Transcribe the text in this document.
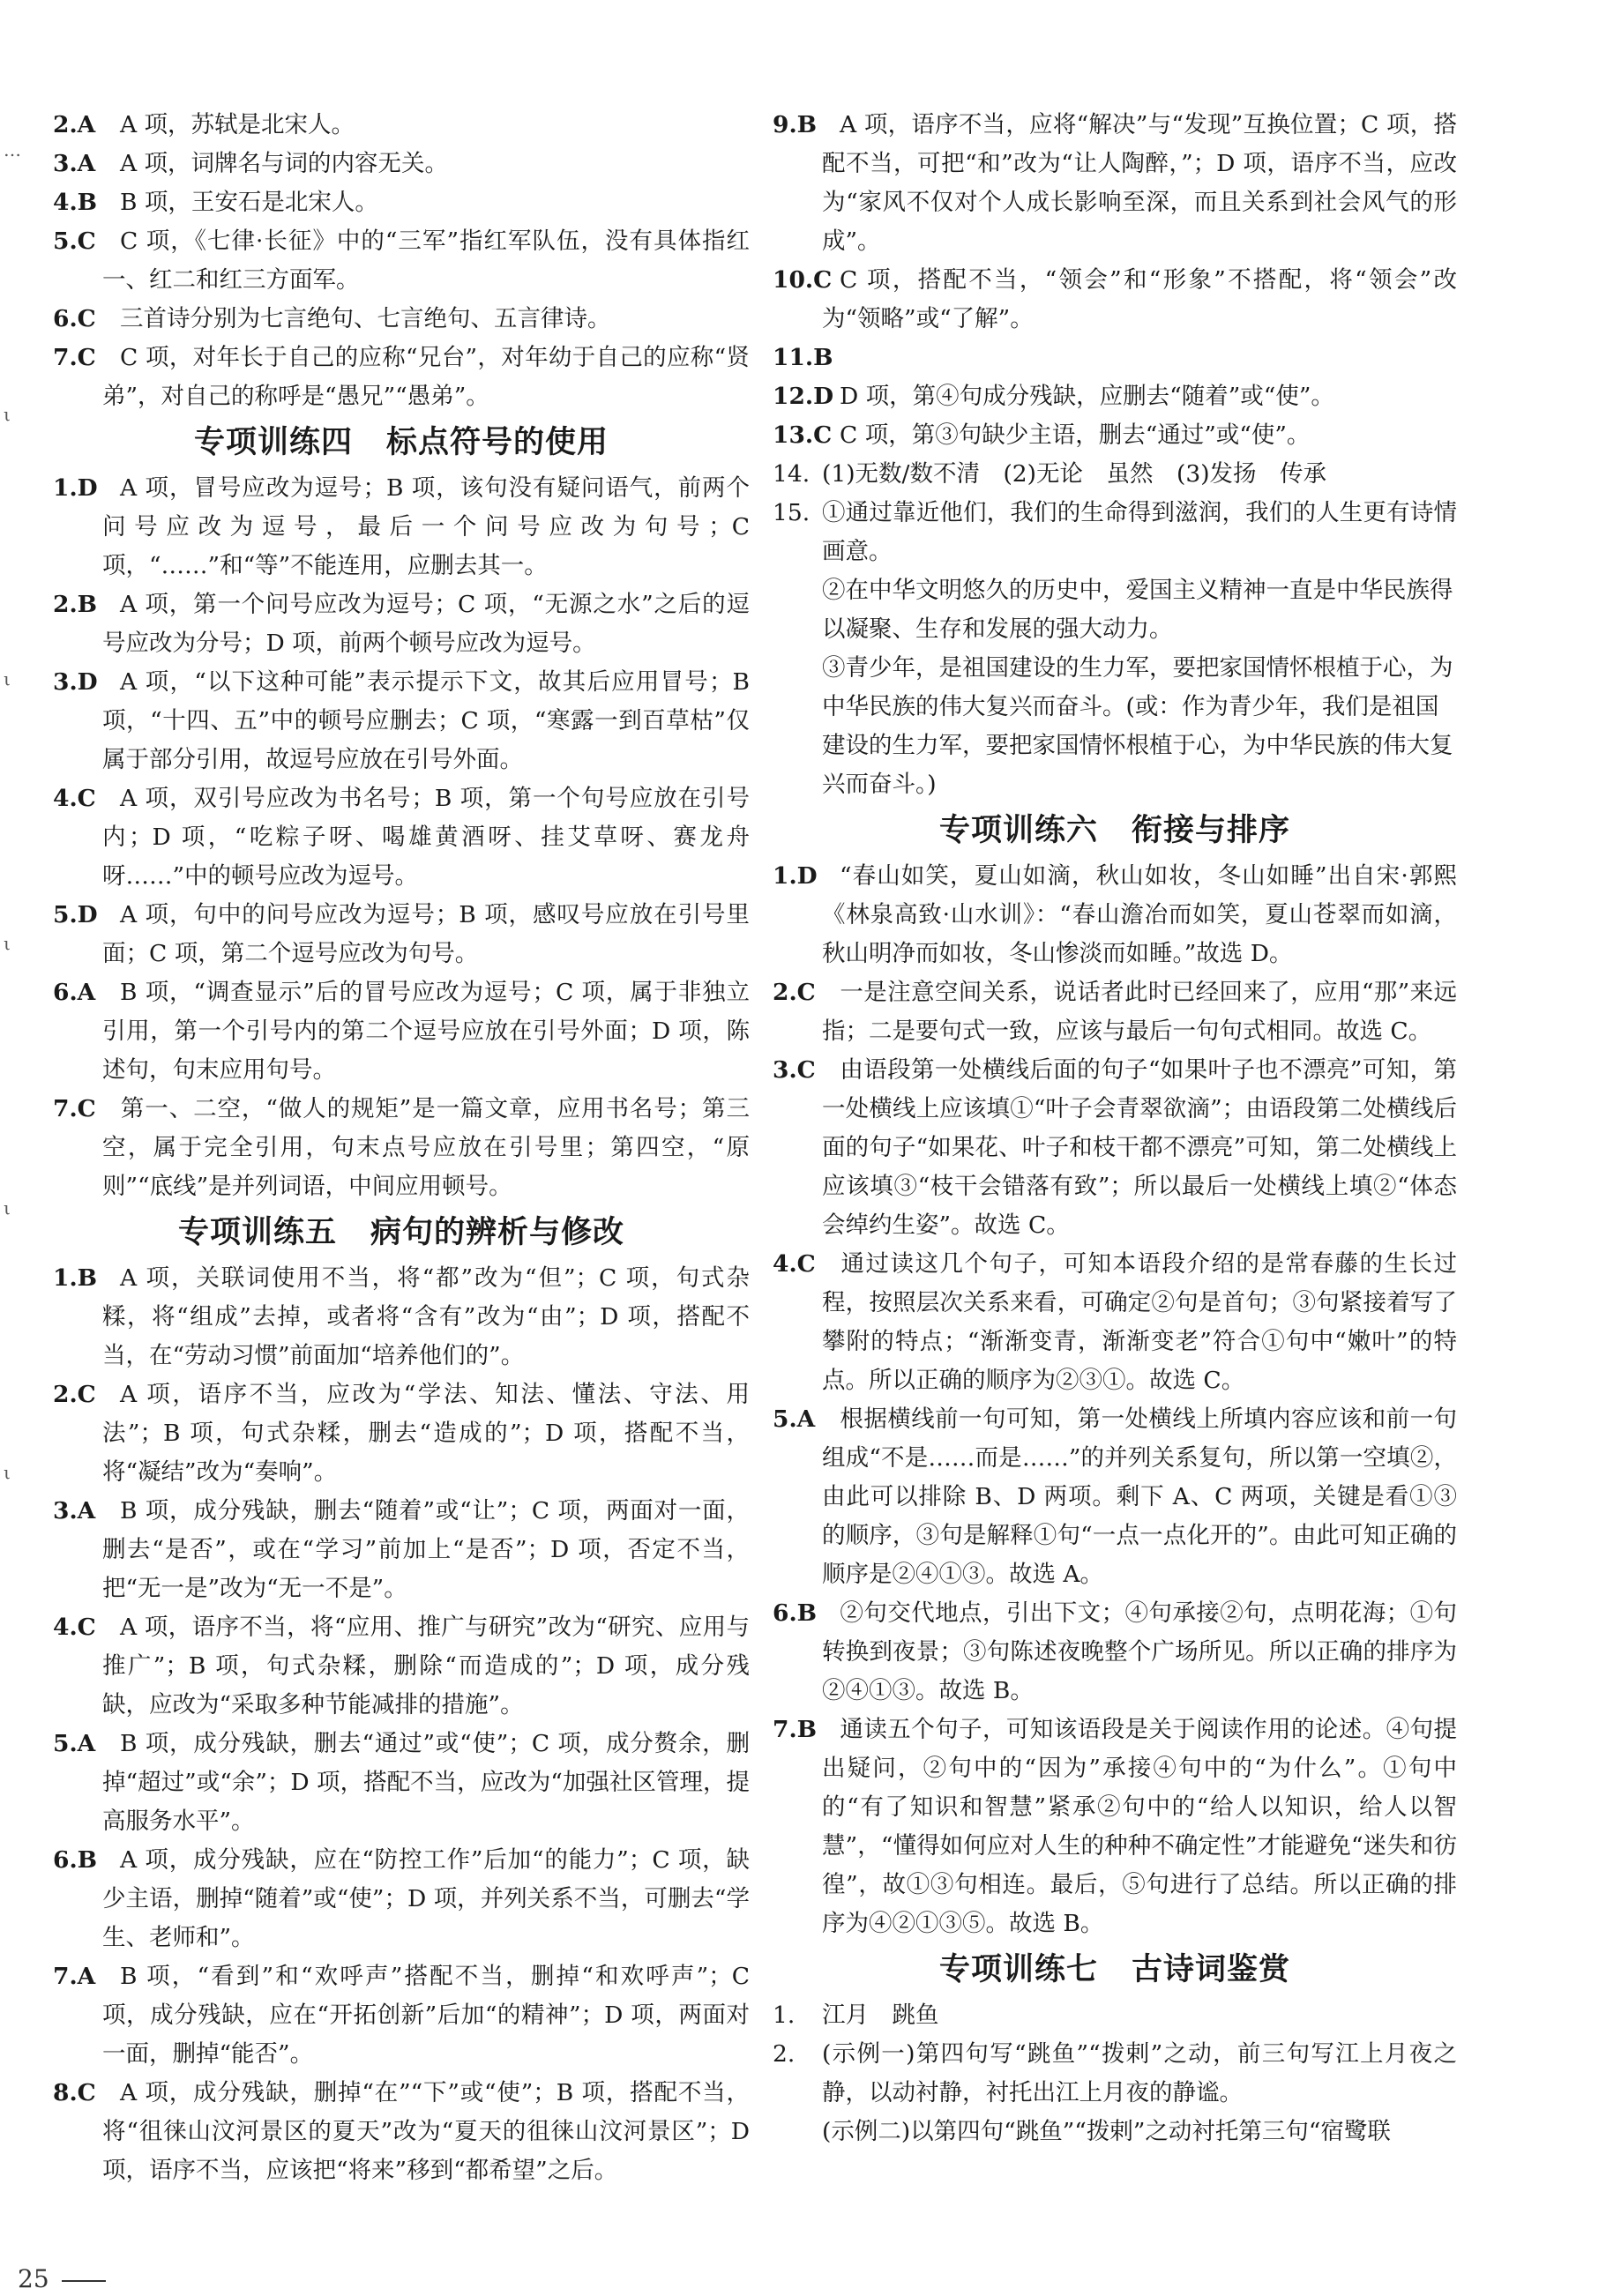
…
ι
ι
ι
ι
ι
2.A A 项，苏轼是北宋人。
3.A A 项，词牌名与词的内容无关。
4.B B 项，王安石是北宋人。
5.C C 项，《七律·长征》中的“三军”指红军队伍，没有具体指红一、红二和红三方面军。
6.C 三首诗分别为七言绝句、七言绝句、五言律诗。
7.C C 项，对年长于自己的应称“兄台”，对年幼于自己的应称“贤弟”，对自己的称呼是“愚兄”“愚弟”。
专项训练四 标点符号的使用
1.D A 项，冒号应改为逗号；B 项，该句没有疑问语气，前两个问号应改为逗号，最后一个问号应改为句号；C 项，“……”和“等”不能连用，应删去其一。
2.B A 项，第一个问号应改为逗号；C 项，“无源之水”之后的逗号应改为分号；D 项，前两个顿号应改为逗号。
3.D A 项，“以下这种可能”表示提示下文，故其后应用冒号；B 项，“十四、五”中的顿号应删去；C 项，“寒露一到百草枯”仅属于部分引用，故逗号应放在引号外面。
4.C A 项，双引号应改为书名号；B 项，第一个句号应放在引号内；D 项，“吃粽子呀、喝雄黄酒呀、挂艾草呀、赛龙舟呀……”中的顿号应改为逗号。
5.D A 项，句中的问号应改为逗号；B 项，感叹号应放在引号里面；C 项，第二个逗号应改为句号。
6.A B 项，“调查显示”后的冒号应改为逗号；C 项，属于非独立引用，第一个引号内的第二个逗号应放在引号外面；D 项，陈述句，句末应用句号。
7.C 第一、二空，“做人的规矩”是一篇文章，应用书名号；第三空，属于完全引用，句末点号应放在引号里；第四空，“原则”“底线”是并列词语，中间应用顿号。
专项训练五 病句的辨析与修改
1.B A 项，关联词使用不当，将“都”改为“但”；C 项，句式杂糅，将“组成”去掉，或者将“含有”改为“由”；D 项，搭配不当，在“劳动习惯”前面加“培养他们的”。
2.C A 项，语序不当，应改为“学法、知法、懂法、守法、用法”；B 项，句式杂糅，删去“造成的”；D 项，搭配不当，将“凝结”改为“奏响”。
3.A B 项，成分残缺，删去“随着”或“让”；C 项，两面对一面，删去“是否”，或在“学习”前加上“是否”；D 项，否定不当，把“无一是”改为“无一不是”。
4.C A 项，语序不当，将“应用、推广与研究”改为“研究、应用与推广”；B 项，句式杂糅，删除“而造成的”；D 项，成分残缺，应改为“采取多种节能减排的措施”。
5.A B 项，成分残缺，删去“通过”或“使”；C 项，成分赘余，删掉“超过”或“余”；D 项，搭配不当，应改为“加强社区管理，提高服务水平”。
6.B A 项，成分残缺，应在“防控工作”后加“的能力”；C 项，缺少主语，删掉“随着”或“使”；D 项，并列关系不当，可删去“学生、老师和”。
7.A B 项，“看到”和“欢呼声”搭配不当，删掉“和欢呼声”；C 项，成分残缺，应在“开拓创新”后加“的精神”；D 项，两面对一面，删掉“能否”。
8.C A 项，成分残缺，删掉“在”“下”或“使”；B 项，搭配不当，将“徂徕山汶河景区的夏天”改为“夏天的徂徕山汶河景区”；D 项，语序不当，应该把“将来”移到“都希望”之后。
9.B A 项，语序不当，应将“解决”与“发现”互换位置；C 项，搭配不当，可把“和”改为“让人陶醉，”；D 项，语序不当，应改为“家风不仅对个人成长影响至深，而且关系到社会风气的形成”。
10.C C 项，搭配不当，“领会”和“形象”不搭配，将“领会”改为“领略”或“了解”。
11.B
12.D D 项，第④句成分残缺，应删去“随着”或“使”。
13.C C 项，第③句缺少主语，删去“通过”或“使”。
14. (1)无数/数不清　(2)无论　虽然　(3)发扬　传承
15. ①通过靠近他们，我们的生命得到滋润，我们的人生更有诗情画意。
②在中华文明悠久的历史中，爱国主义精神一直是中华民族得以凝聚、生存和发展的强大动力。
③青少年，是祖国建设的生力军，要把家国情怀根植于心，为中华民族的伟大复兴而奋斗。(或：作为青少年，我们是祖国建设的生力军，要把家国情怀根植于心，为中华民族的伟大复兴而奋斗。)
专项训练六 衔接与排序
1.D “春山如笑，夏山如滴，秋山如妆，冬山如睡”出自宋·郭熙《林泉高致·山水训》：“春山澹冶而如笑，夏山苍翠而如滴，秋山明净而如妆，冬山惨淡而如睡。”故选 D。
2.C 一是注意空间关系，说话者此时已经回来了，应用“那”来远指；二是要句式一致，应该与最后一句句式相同。故选 C。
3.C 由语段第一处横线后面的句子“如果叶子也不漂亮”可知，第一处横线上应该填①“叶子会青翠欲滴”；由语段第二处横线后面的句子“如果花、叶子和枝干都不漂亮”可知，第二处横线上应该填③“枝干会错落有致”；所以最后一处横线上填②“体态会绰约生姿”。故选 C。
4.C 通过读这几个句子，可知本语段介绍的是常春藤的生长过程，按照层次关系来看，可确定②句是首句；③句紧接着写了攀附的特点；“渐渐变青，渐渐变老”符合①句中“嫩叶”的特点。所以正确的顺序为②③①。故选 C。
5.A 根据横线前一句可知，第一处横线上所填内容应该和前一句组成“不是……而是……”的并列关系复句，所以第一空填②，由此可以排除 B、D 两项。剩下 A、C 两项，关键是看①③的顺序，③句是解释①句“一点一点化开的”。由此可知正确的顺序是②④①③。故选 A。
6.B ②句交代地点，引出下文；④句承接②句，点明花海；①句转换到夜景；③句陈述夜晚整个广场所见。所以正确的排序为②④①③。故选 B。
7.B 通读五个句子，可知该语段是关于阅读作用的论述。④句提出疑问，②句中的“因为”承接④句中的“为什么”。①句中的“有了知识和智慧”紧承②句中的“给人以知识，给人以智慧”，“懂得如何应对人生的种种不确定性”才能避免“迷失和彷徨”，故①③句相连。最后，⑤句进行了总结。所以正确的排序为④②①③⑤。故选 B。
专项训练七 古诗词鉴赏
1. 江月　跳鱼
2. (示例一)第四句写“跳鱼”“拨剌”之动，前三句写江上月夜之静，以动衬静，衬托出江上月夜的静谧。
(示例二)以第四句“跳鱼”“拨剌”之动衬托第三句“宿鹭联
25
